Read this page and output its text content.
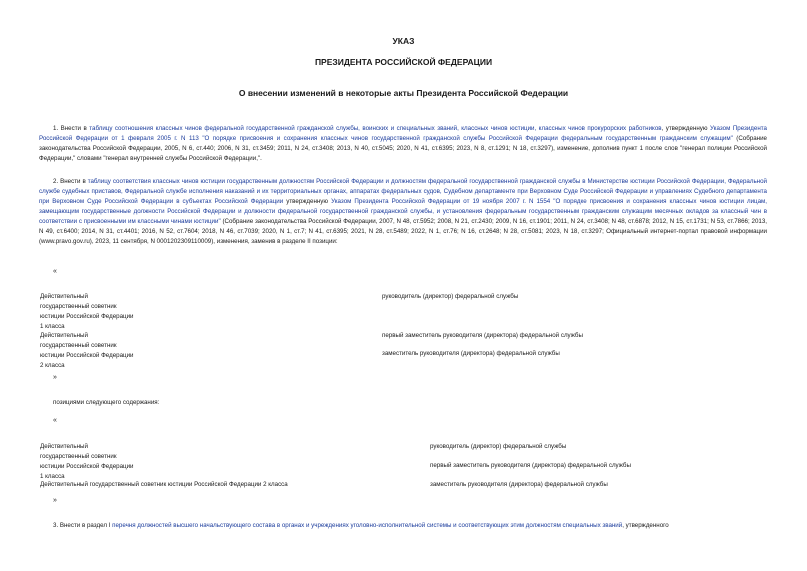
УКАЗ
ПРЕЗИДЕНТА РОССИЙСКОЙ ФЕДЕРАЦИИ
О внесении изменений в некоторые акты Президента Российской Федерации
1. Внести в таблицу соотношения классных чинов федеральной государственной гражданской службы, воинских и специальных званий, классных чинов юстиции, классных чинов прокурорских работников, утвержденную Указом Президента Российской Федерации от 1 февраля 2005 г. N 113 "О порядке присвоения и сохранения классных чинов государственной гражданской службы Российской Федерации федеральным государственным гражданским служащим" (Собрание законодательства Российской Федерации, 2005, N 6, ст.440; 2006, N 31, ст.3459; 2011, N 24, ст.3408; 2013, N 40, ст.5045; 2020, N 41, ст.6395; 2023, N 8, ст.1291; N 18, ст.3297), изменение, дополнив пункт 1 после слов "генерал полиции Российской Федерации," словами "генерал внутренней службы Российской Федерации,".
2. Внести в таблицу соответствия классных чинов юстиции государственным должностям Российской Федерации и должностям федеральной государственной гражданской службы в Министерстве юстиции Российской Федерации, Федеральной службе судебных приставов, Федеральной службе исполнения наказаний и их территориальных органах, аппаратах федеральных судов, Судебном департаменте при Верховном Суде Российской Федерации и управлениях Судебного департамента при Верховном Суде Российской Федерации в субъектах Российской Федерации утвержденную Указом Президента Российской Федерации от 19 ноября 2007 г. N 1554 "О порядке присвоения и сохранения классных чинов юстиции лицам, замещающим государственные должности Российской Федерации и должности федеральной государственной гражданской службы, и установления федеральным государственным гражданским служащим месячных окладов за классный чин в соответствии с присвоенными им классными чинами юстиции" (Собрание законодательства Российской Федерации, 2007, N 48, ст.5952; 2008, N 21, ст.2430; 2009, N 16, ст.1901; 2011, N 24, ст.3408; N 48, ст.6878; 2012, N 15, ст.1731; N 53, ст.7866; 2013, N 49, ст.6400; 2014, N 31, ст.4401; 2016, N 52, ст.7604; 2018, N 46, ст.7039; 2020, N 1, ст.7; N 41, ст.6395; 2021, N 28, ст.5489; 2022, N 1, ст.76; N 16, ст.2648; N 28, ст.5081; 2023, N 18, ст.3297; Официальный интернет-портал правовой информации (www.pravo.gov.ru), 2023, 11 сентября, N 0001202309110009), изменения, заменив в разделе II позиции:
«
Действительный
государственный советник
юстиции Российской Федерации
1 класса
руководитель (директор) федеральной службы
Действительный
государственный советник
юстиции Российской Федерации
2 класса
первый заместитель руководителя (директора) федеральной службы
заместитель руководителя (директора) федеральной службы
»
позициями следующего содержания:
«
Действительный
государственный советник
юстиции Российской Федерации
1 класса
руководитель (директор) федеральной службы
первый заместитель руководителя (директора) федеральной службы
Действительный государственный советник юстиции Российской Федерации 2 класса	заместитель руководителя (директора) федеральной службы
»
3. Внести в раздел I перечня должностей высшего начальствующего состава в органах и учреждениях уголовно-исполнительной системы и соответствующих этим должностям специальных званий, утвержденного
